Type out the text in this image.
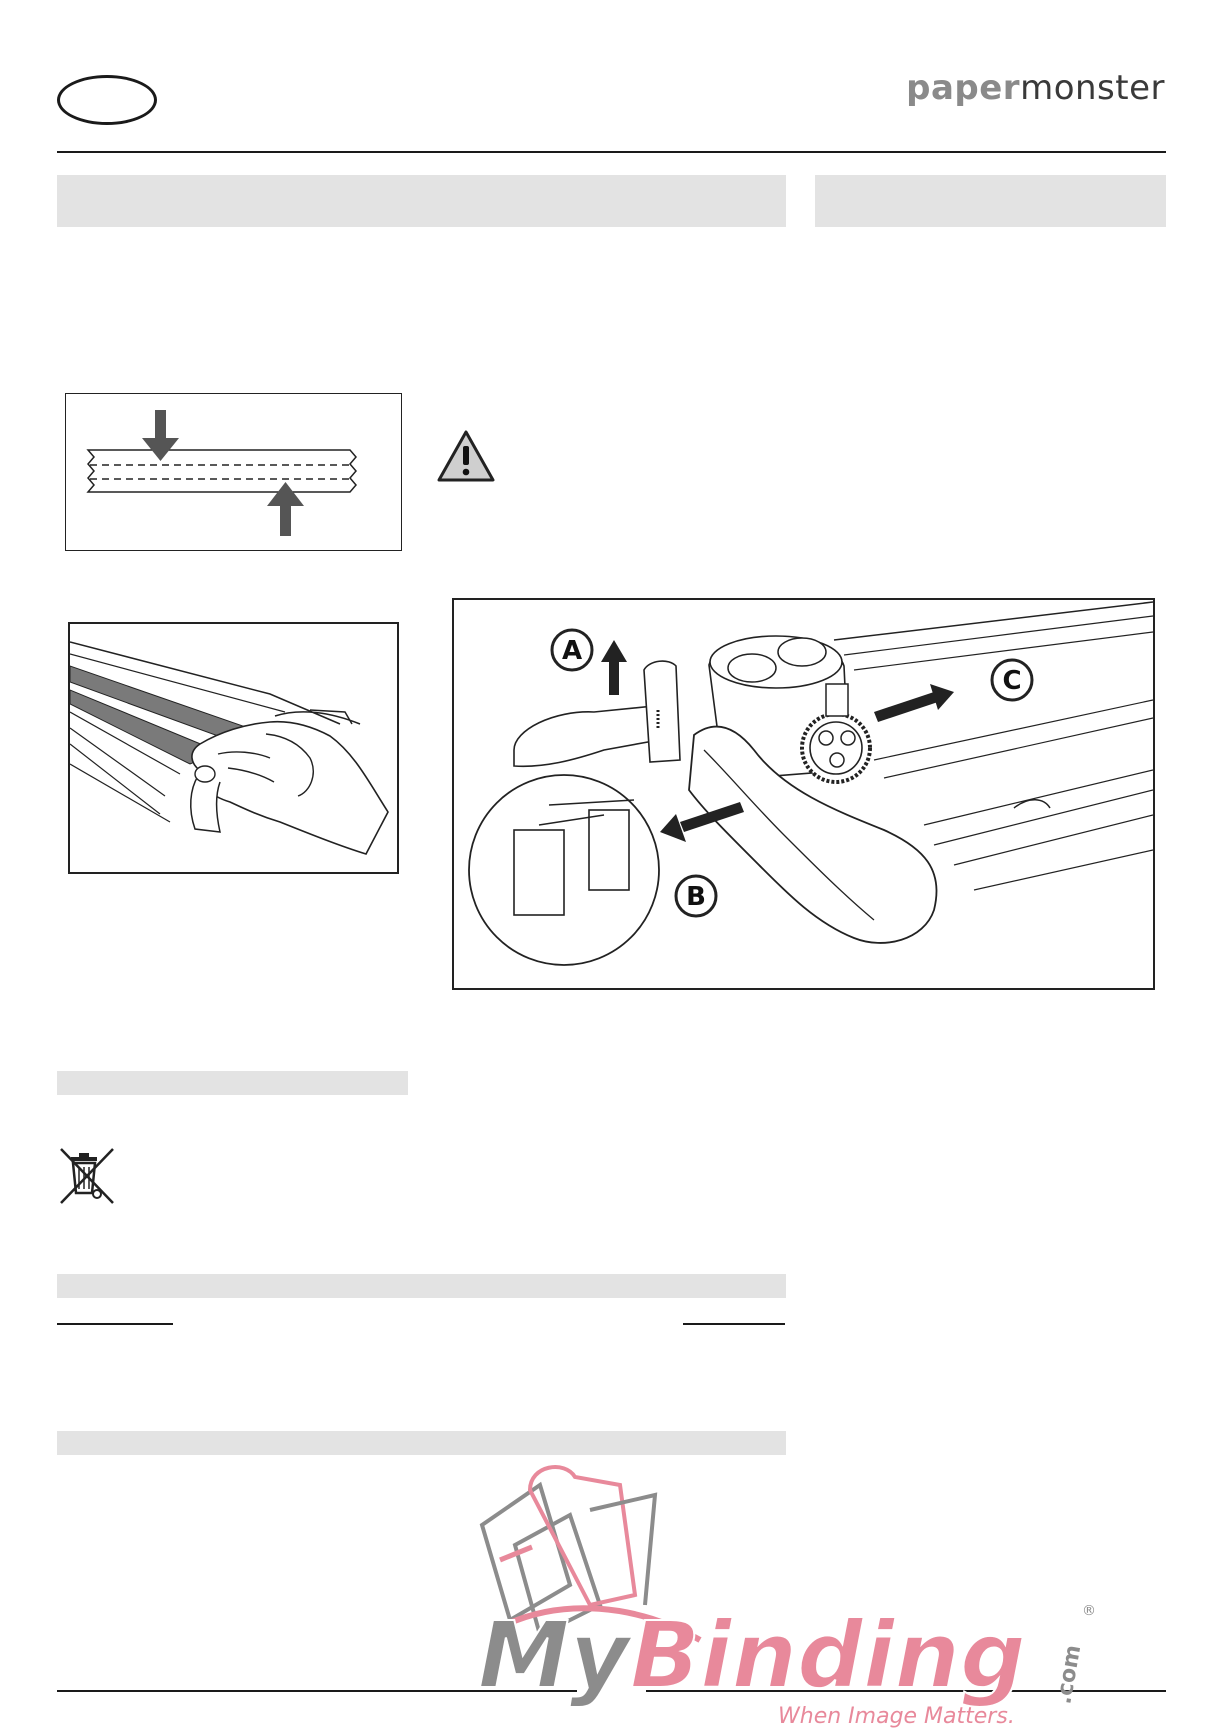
papermonster
A
B
C
My Binding .com
®
When Image Matters.
